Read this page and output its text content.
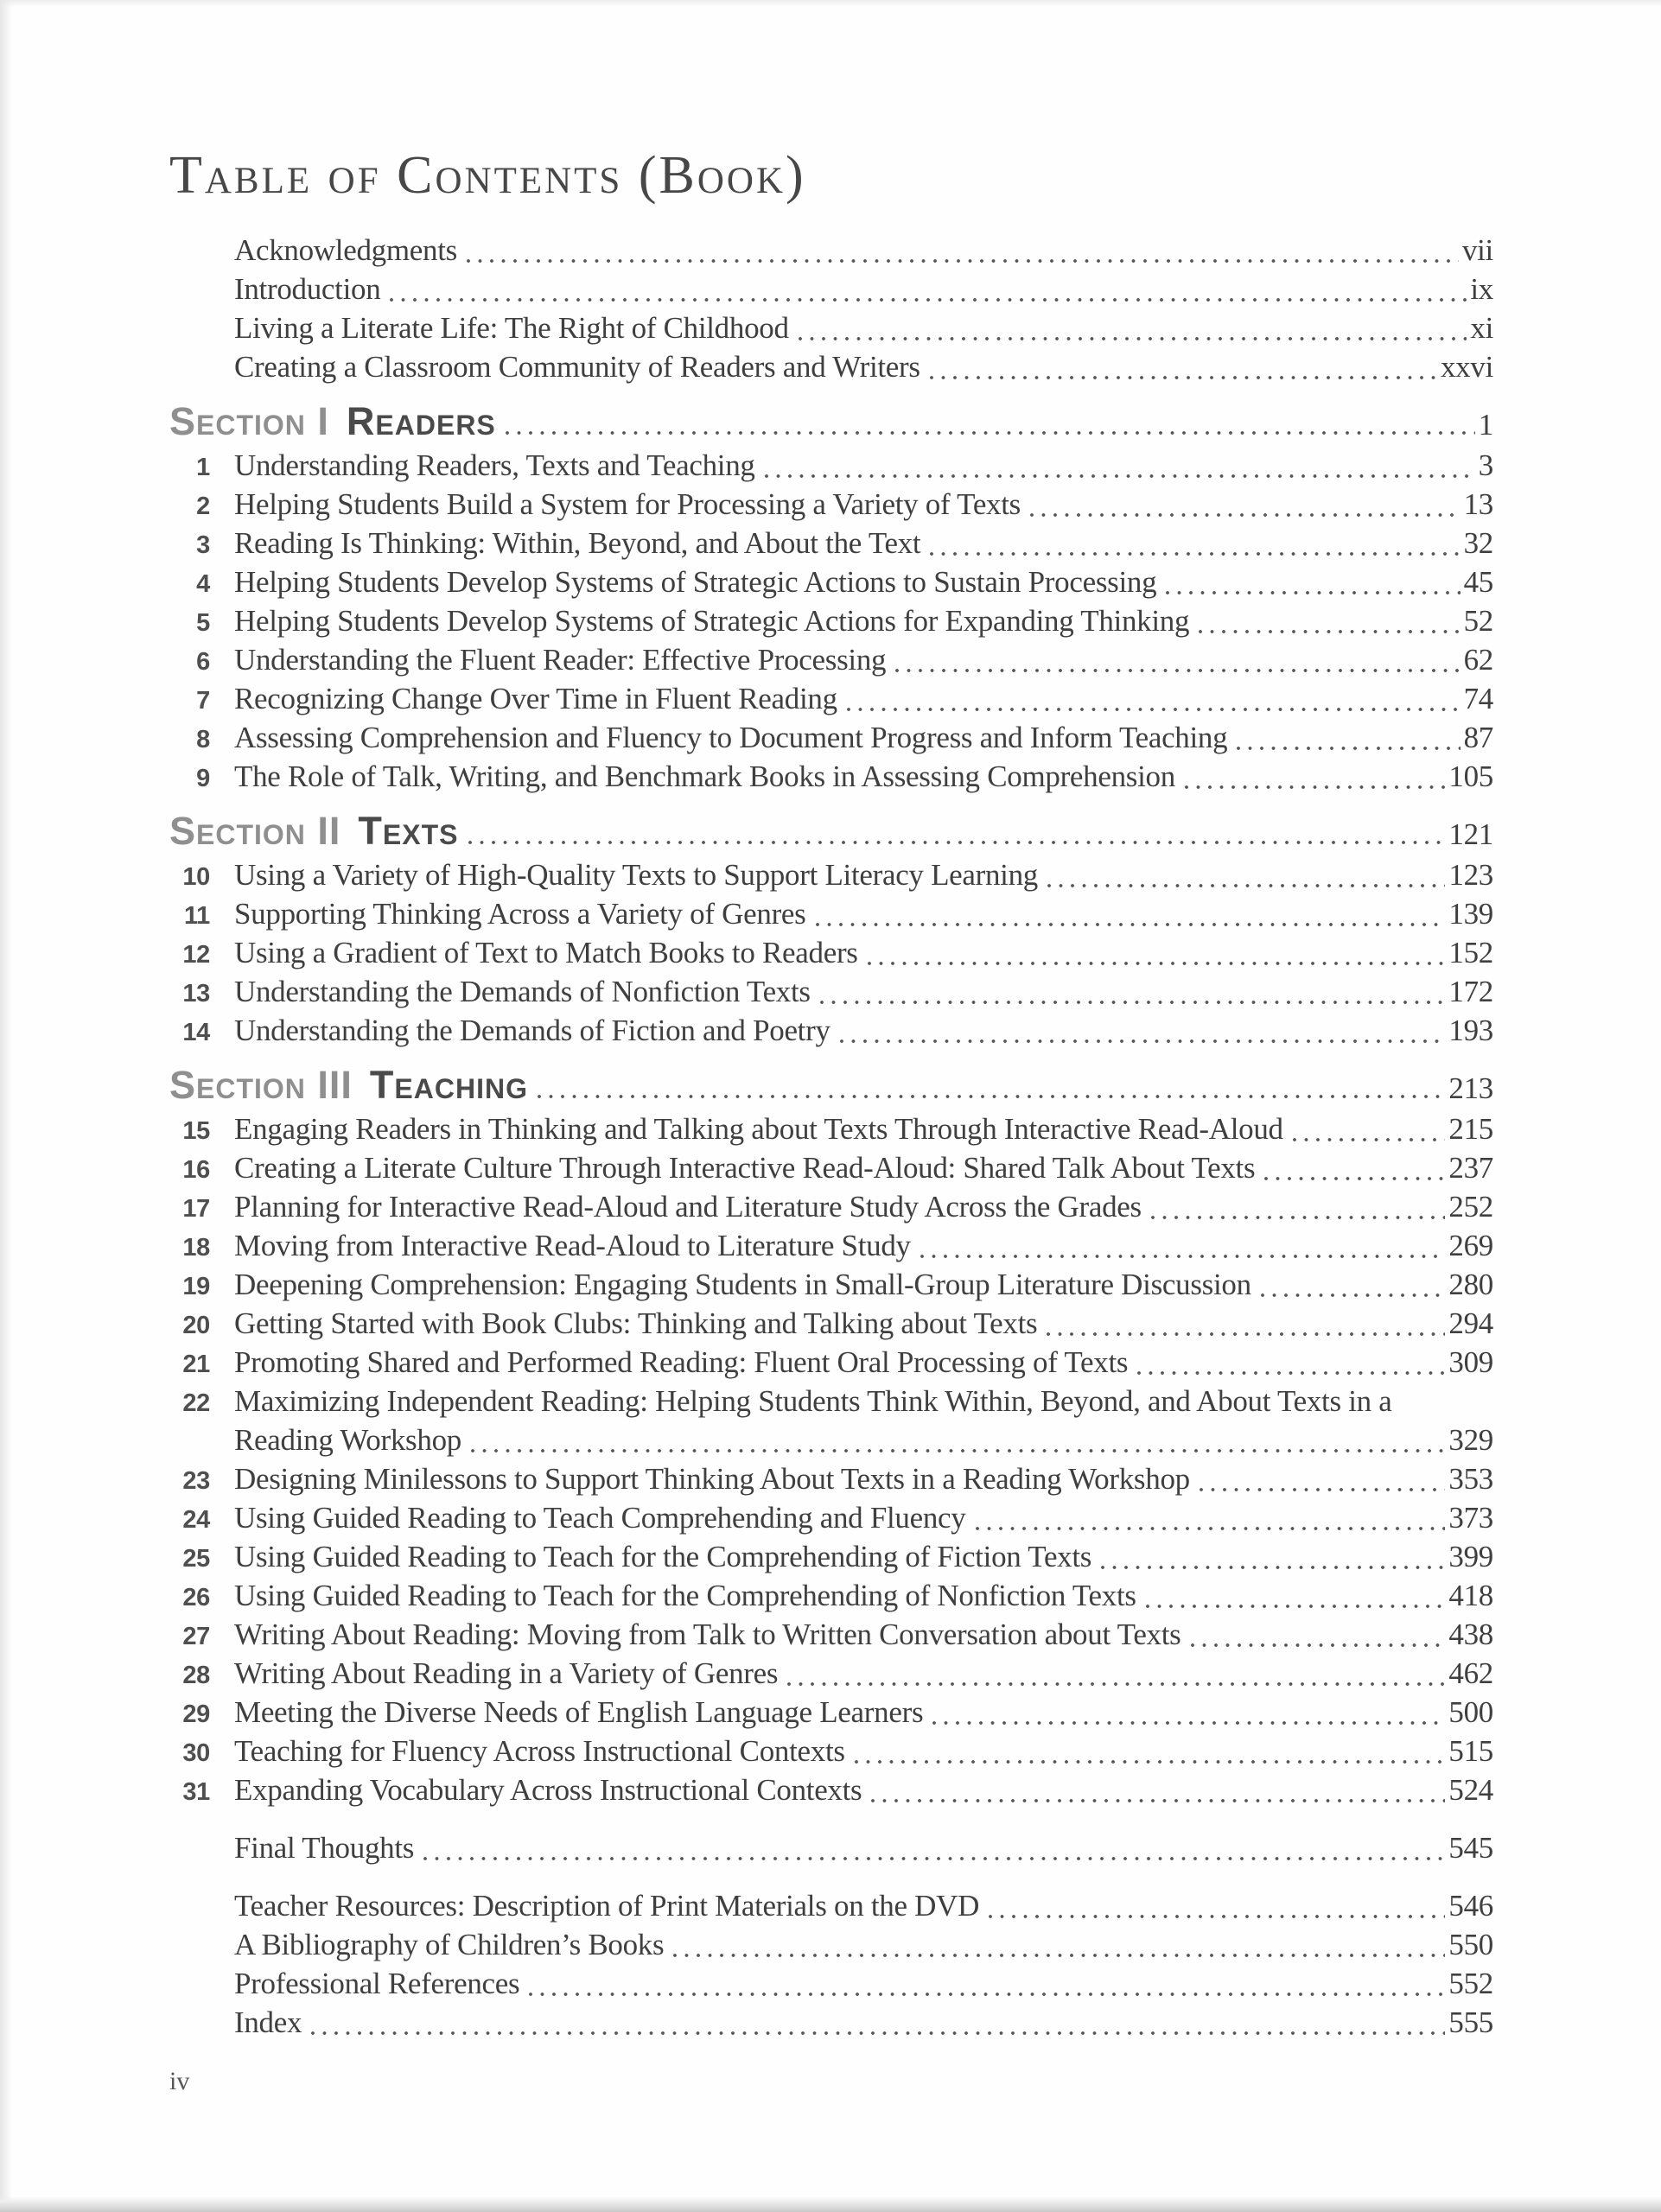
Table of Contents (Book)
Acknowledgments	vii
Introduction	ix
Living a Literate Life: The Right of Childhood	xi
Creating a Classroom Community of Readers and Writers	xxvi
Section I Readers	1
1 Understanding Readers, Texts and Teaching	3
2 Helping Students Build a System for Processing a Variety of Texts	13
3 Reading Is Thinking: Within, Beyond, and About the Text	32
4 Helping Students Develop Systems of Strategic Actions to Sustain Processing	45
5 Helping Students Develop Systems of Strategic Actions for Expanding Thinking	52
6 Understanding the Fluent Reader: Effective Processing	62
7 Recognizing Change Over Time in Fluent Reading	74
8 Assessing Comprehension and Fluency to Document Progress and Inform Teaching	87
9 The Role of Talk, Writing, and Benchmark Books in Assessing Comprehension	105
Section II Texts	121
10 Using a Variety of High-Quality Texts to Support Literacy Learning	123
11 Supporting Thinking Across a Variety of Genres	139
12 Using a Gradient of Text to Match Books to Readers	152
13 Understanding the Demands of Nonfiction Texts	172
14 Understanding the Demands of Fiction and Poetry	193
Section III Teaching	213
15 Engaging Readers in Thinking and Talking about Texts Through Interactive Read-Aloud	215
16 Creating a Literate Culture Through Interactive Read-Aloud: Shared Talk About Texts	237
17 Planning for Interactive Read-Aloud and Literature Study Across the Grades	252
18 Moving from Interactive Read-Aloud to Literature Study	269
19 Deepening Comprehension: Engaging Students in Small-Group Literature Discussion	280
20 Getting Started with Book Clubs: Thinking and Talking about Texts	294
21 Promoting Shared and Performed Reading: Fluent Oral Processing of Texts	309
22 Maximizing Independent Reading: Helping Students Think Within, Beyond, and About Texts in a
Reading Workshop	329
23 Designing Minilessons to Support Thinking About Texts in a Reading Workshop	353
24 Using Guided Reading to Teach Comprehending and Fluency	373
25 Using Guided Reading to Teach for the Comprehending of Fiction Texts	399
26 Using Guided Reading to Teach for the Comprehending of Nonfiction Texts	418
27 Writing About Reading: Moving from Talk to Written Conversation about Texts	438
28 Writing About Reading in a Variety of Genres	462
29 Meeting the Diverse Needs of English Language Learners	500
30 Teaching for Fluency Across Instructional Contexts	515
31 Expanding Vocabulary Across Instructional Contexts	524
Final Thoughts	545
Teacher Resources: Description of Print Materials on the DVD	546
A Bibliography of Children’s Books	550
Professional References	552
Index	555
iv
